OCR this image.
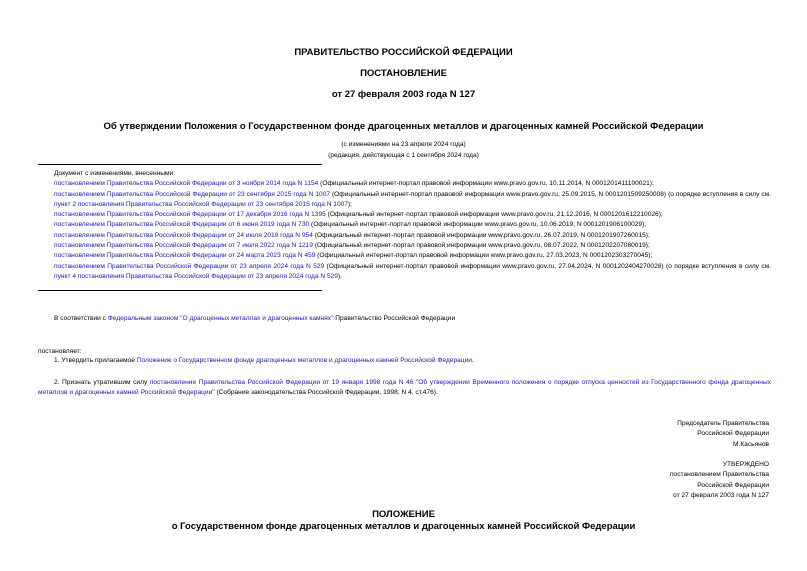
ПРАВИТЕЛЬСТВО РОССИЙСКОЙ ФЕДЕРАЦИИ
ПОСТАНОВЛЕНИЕ
от 27 февраля 2003 года N 127
Об утверждении Положения о Государственном фонде драгоценных металлов и драгоценных камней Российской Федерации
(с изменениями на 23 апреля 2024 года)
(редакция, действующая с 1 сентября 2024 года)

Документ с изменениями, внесенными:

постановлением Правительства Российской Федерации от 3 ноября 2014 года N 1154 (Официальный интернет-портал правовой информации www.pravo.gov.ru, 10.11.2014, N 0001201411100021);

постановлением Правительства Российской Федерации от 23 сентября 2015 года N 1007 (Официальный интернет-портал правовой информации www.pravo.gov.ru, 25.09.2015, N 0001201509250008) (о порядке вступления в силу см. пункт 2 постановления Правительства Российской Федерации от 23 сентября 2015 года N 1007);

постановлением Правительства Российской Федерации от 17 декабря 2016 года N 1395 (Официальный интернет-портал правовой информации www.pravo.gov.ru, 21.12.2016, N 0001201612210026);

постановлением Правительства Российской Федерации от 6 июня 2019 года N 730 (Официальный интернет-портал правовой информации www.pravo.gov.ru, 10.06.2019, N 0001201906100029);

постановлением Правительства Российской Федерации от 24 июля 2019 года N 954 (Официальный интернет-портал правовой информации www.pravo.gov.ru, 26.07.2019, N 0001201907260015);

постановлением Правительства Российской Федерации от 7 июля 2022 года N 1219 (Официальный интернет-портал правовой информации www.pravo.gov.ru, 08.07.2022, N 0001202207080019);

постановлением Правительства Российской Федерации от 24 марта 2023 года N 459 (Официальный интернет-портал правовой информации www.pravo.gov.ru, 27.03.2023, N 0001202303270045);

постановлением Правительства Российской Федерации от 23 апреля 2024 года N 529 (Официальный интернет-портал правовой информации www.pravo.gov.ru, 27.04.2024, N 0001202404270028) (о порядке вступления в силу см. пункт 4 постановления Правительства Российской Федерации от 23 апреля 2024 года N 529).

В соответствии с Федеральным законом "О драгоценных металлах и драгоценных камнях" Правительство Российской Федерации
постановляет:
1. Утвердить прилагаемое Положение о Государственном фонде драгоценных металлов и драгоценных камней Российской Федерации.
2. Признать утратившим силу постановление Правительства Российской Федерации от 19 января 1998 года N 46 "Об утверждении Временного положения о порядке отпуска ценностей из Государственного фонда драгоценных металлов и драгоценных камней Российской Федерации" (Собрание законодательства Российской Федерации, 1998, N 4, ст.476).
Председатель Правительства
Российской Федерации
М.Касьянов
УТВЕРЖДЕНО
постановлением Правительства
Российской Федерации
от 27 февраля 2003 года N 127
ПОЛОЖЕНИЕ
о Государственном фонде драгоценных металлов и драгоценных камней Российской Федерации
